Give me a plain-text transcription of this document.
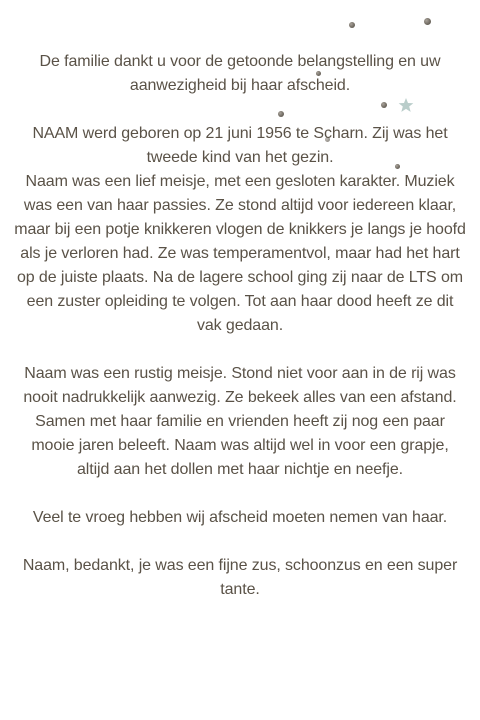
De familie dankt u voor de getoonde belangstelling en uw aanwezigheid bij haar afscheid.

NAAM werd geboren op 21 juni 1956 te Scharn. Zij was het tweede kind van het gezin.

Naam was een lief meisje, met een gesloten karakter. Muziek was een van haar passies. Ze stond altijd voor iedereen klaar, maar bij een potje knikkeren vlogen de knikkers je langs je hoofd als je verloren had. Ze was temperamentvol, maar had het hart op de juiste plaats. Na de lagere school ging zij naar de LTS om een zuster opleiding te volgen. Tot aan haar dood heeft ze dit vak gedaan.

Naam was een rustig meisje. Stond niet voor aan in de rij was nooit nadrukkelijk aanwezig. Ze bekeek alles van een afstand. Samen met haar familie en vrienden heeft zij nog een paar mooie jaren beleeft. Naam was altijd wel in voor een grapje, altijd aan het dollen met haar nichtje en neefje.

Veel te vroeg hebben wij afscheid moeten nemen van haar.

Naam, bedankt, je was een fijne zus, schoonzus en een super tante.
